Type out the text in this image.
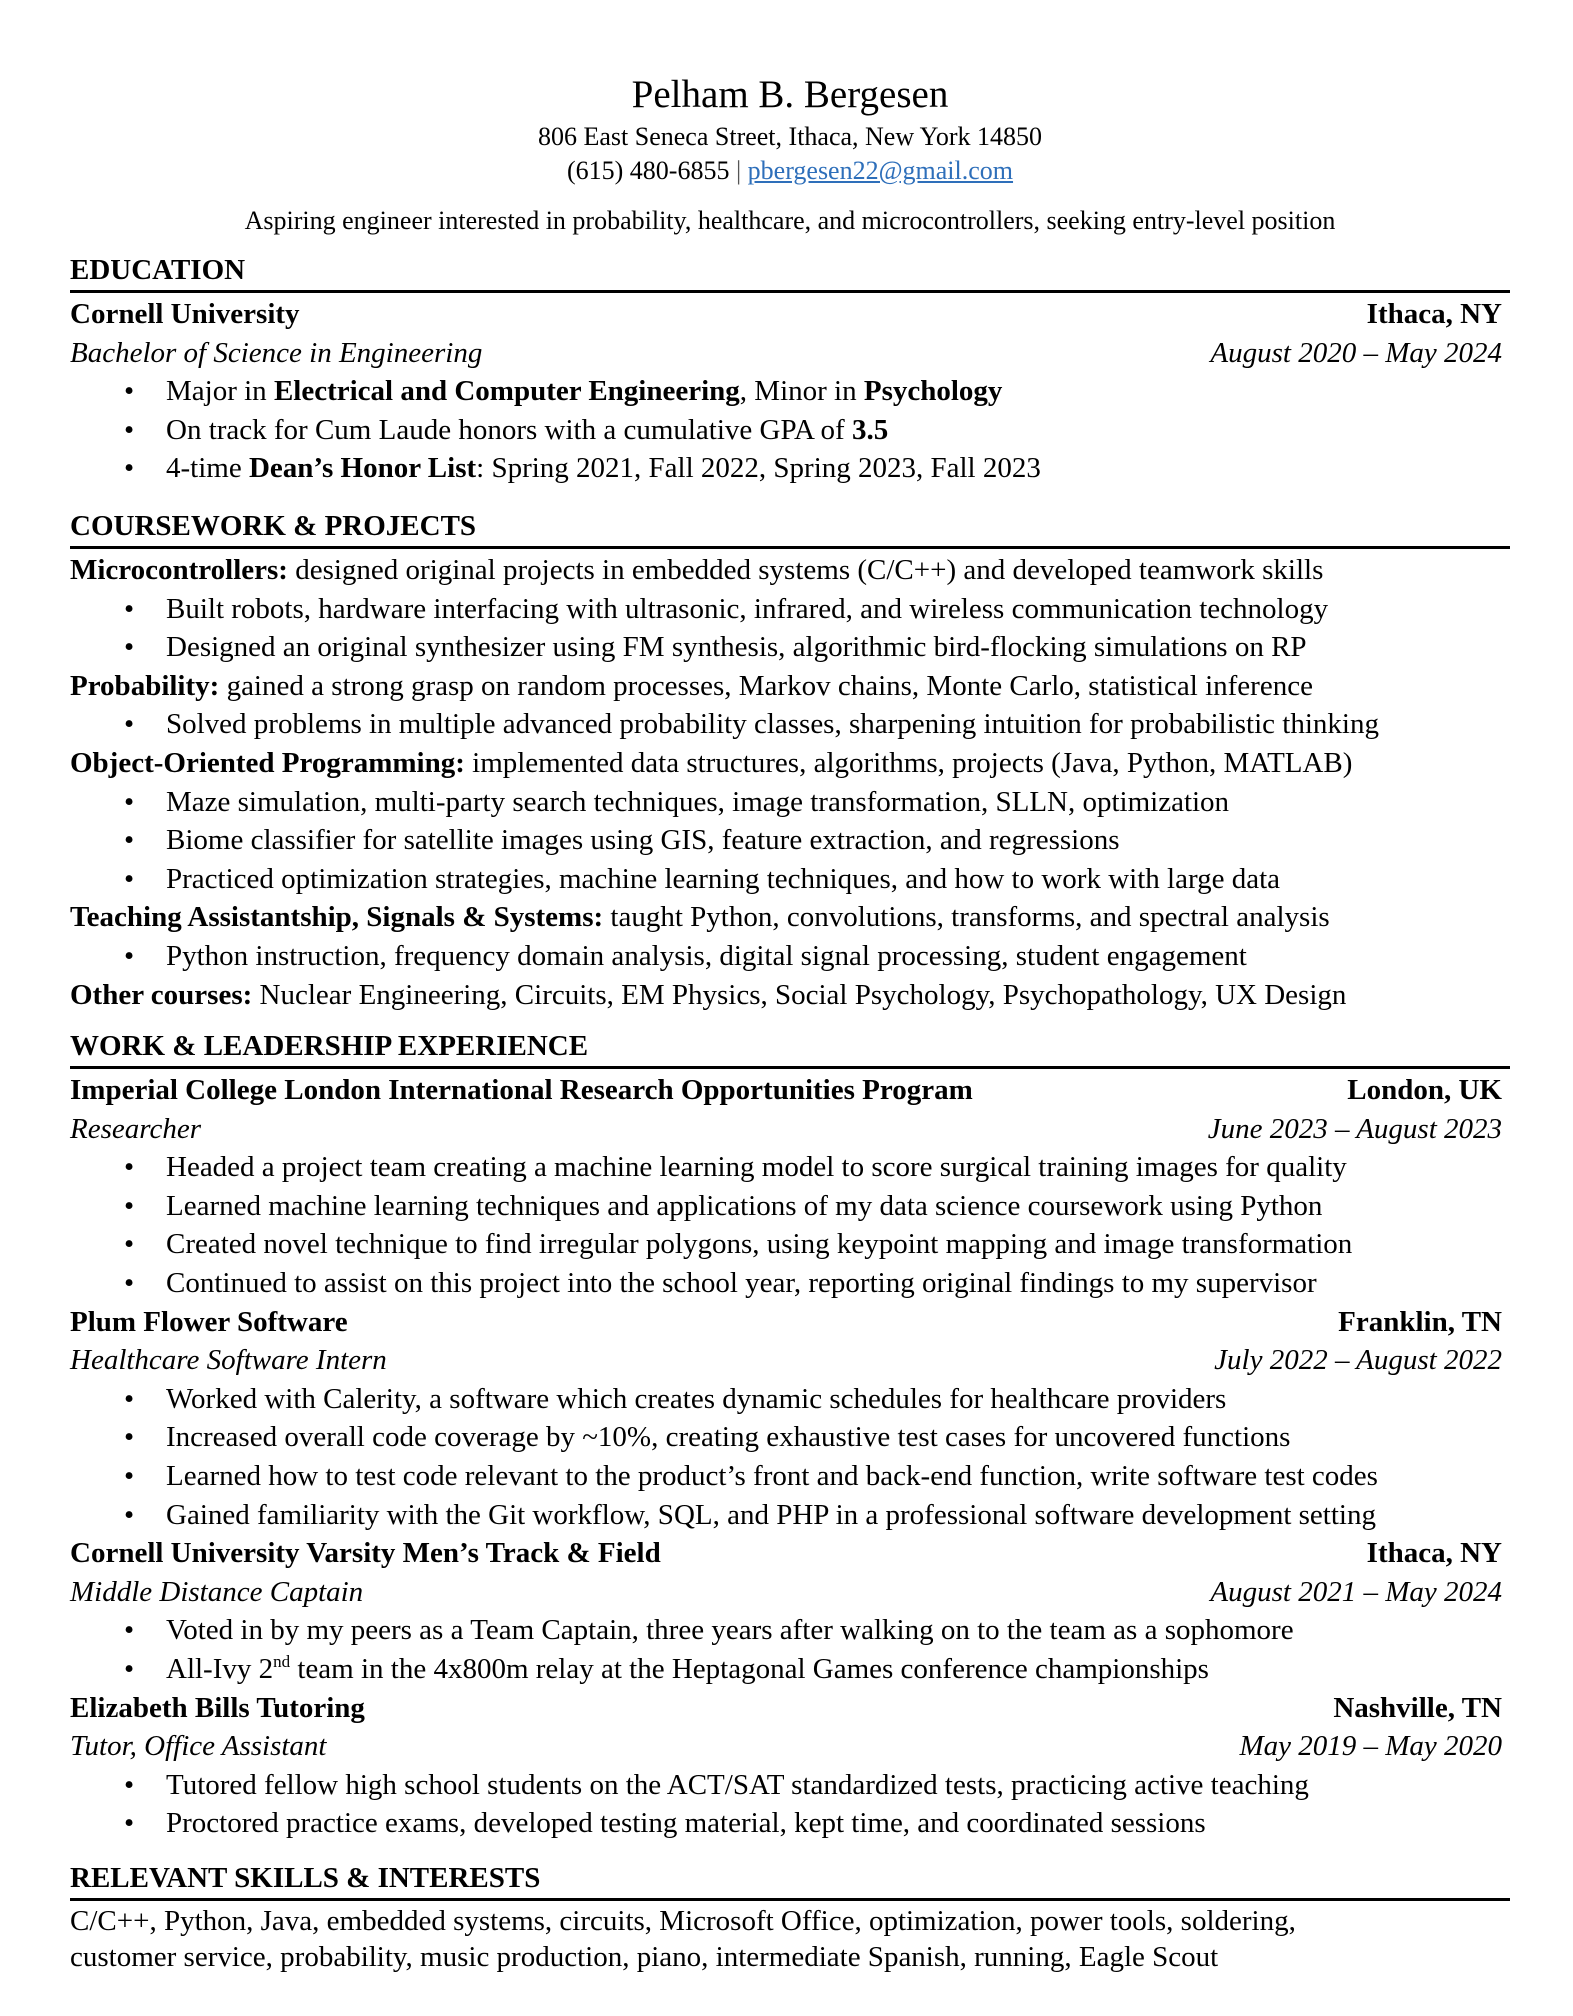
Pelham B. Bergesen
806 East Seneca Street, Ithaca, New York 14850
(615) 480-6855 | pbergesen22@gmail.com
Aspiring engineer interested in probability, healthcare, and microcontrollers, seeking entry-level position
EDUCATION
Cornell University	Ithaca, NY
Bachelor of Science in Engineering	August 2020 – May 2024
• Major in Electrical and Computer Engineering, Minor in Psychology
• On track for Cum Laude honors with a cumulative GPA of 3.5
• 4-time Dean’s Honor List: Spring 2021, Fall 2022, Spring 2023, Fall 2023
COURSEWORK & PROJECTS
Microcontrollers: designed original projects in embedded systems (C/C++) and developed teamwork skills
• Built robots, hardware interfacing with ultrasonic, infrared, and wireless communication technology
• Designed an original synthesizer using FM synthesis, algorithmic bird-flocking simulations on RP
Probability: gained a strong grasp on random processes, Markov chains, Monte Carlo, statistical inference
• Solved problems in multiple advanced probability classes, sharpening intuition for probabilistic thinking
Object-Oriented Programming: implemented data structures, algorithms, projects (Java, Python, MATLAB)
• Maze simulation, multi-party search techniques, image transformation, SLLN, optimization
• Biome classifier for satellite images using GIS, feature extraction, and regressions
• Practiced optimization strategies, machine learning techniques, and how to work with large data
Teaching Assistantship, Signals & Systems: taught Python, convolutions, transforms, and spectral analysis
• Python instruction, frequency domain analysis, digital signal processing, student engagement
Other courses: Nuclear Engineering, Circuits, EM Physics, Social Psychology, Psychopathology, UX Design
WORK & LEADERSHIP EXPERIENCE
Imperial College London International Research Opportunities Program	London, UK
Researcher	June 2023 – August 2023
• Headed a project team creating a machine learning model to score surgical training images for quality
• Learned machine learning techniques and applications of my data science coursework using Python
• Created novel technique to find irregular polygons, using keypoint mapping and image transformation
• Continued to assist on this project into the school year, reporting original findings to my supervisor
Plum Flower Software	Franklin, TN
Healthcare Software Intern	July 2022 – August 2022
• Worked with Calerity, a software which creates dynamic schedules for healthcare providers
• Increased overall code coverage by ~10%, creating exhaustive test cases for uncovered functions
• Learned how to test code relevant to the product’s front and back-end function, write software test codes
• Gained familiarity with the Git workflow, SQL, and PHP in a professional software development setting
Cornell University Varsity Men’s Track & Field	Ithaca, NY
Middle Distance Captain	August 2021 – May 2024
• Voted in by my peers as a Team Captain, three years after walking on to the team as a sophomore
• All-Ivy 2nd team in the 4x800m relay at the Heptagonal Games conference championships
Elizabeth Bills Tutoring	Nashville, TN
Tutor, Office Assistant	May 2019 – May 2020
• Tutored fellow high school students on the ACT/SAT standardized tests, practicing active teaching
• Proctored practice exams, developed testing material, kept time, and coordinated sessions
RELEVANT SKILLS & INTERESTS
C/C++, Python, Java, embedded systems, circuits, Microsoft Office, optimization, power tools, soldering,
customer service, probability, music production, piano, intermediate Spanish, running, Eagle Scout
